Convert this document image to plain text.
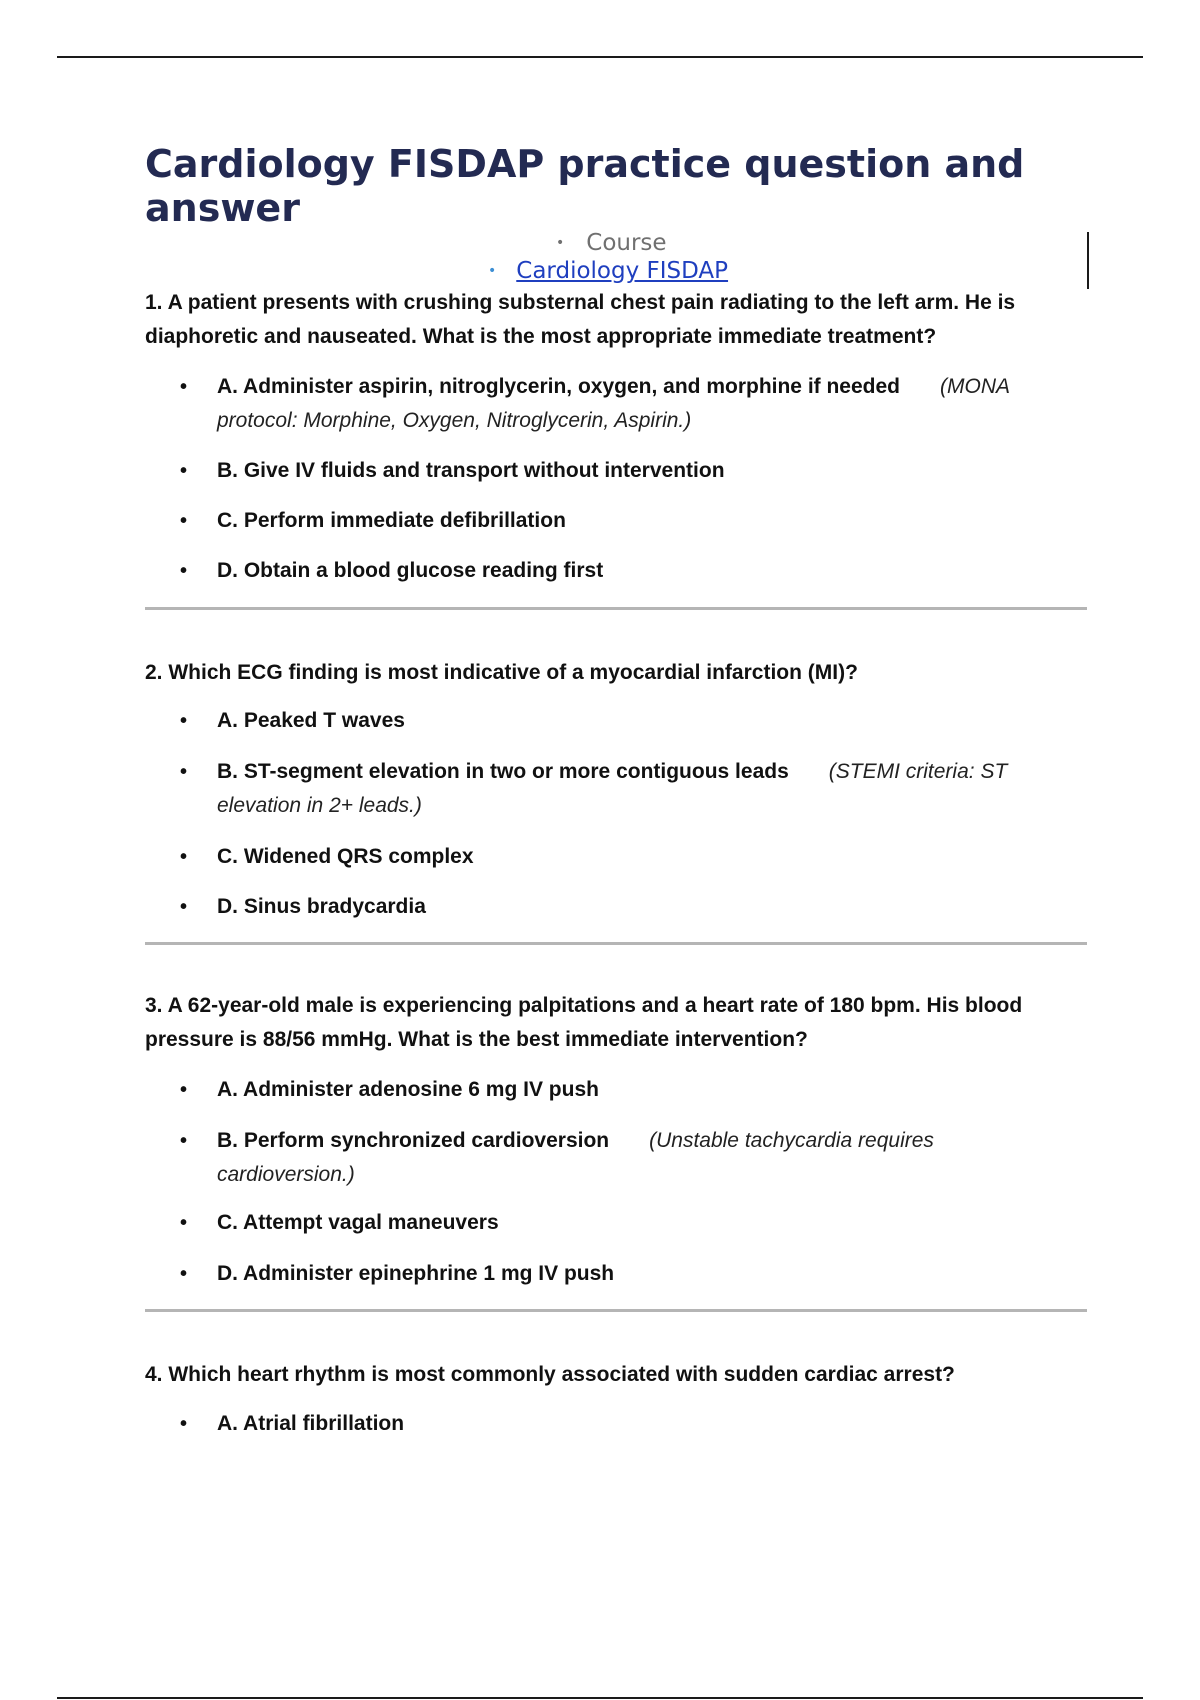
Cardiology FISDAP practice question and answer
• Course
• Cardiology FISDAP

1. A patient presents with crushing substernal chest pain radiating to the left arm. He is diaphoretic and nauseated. What is the most appropriate immediate treatment?

• A. Administer aspirin, nitroglycerin, oxygen, and morphine if needed (MONA protocol: Morphine, Oxygen, Nitroglycerin, Aspirin.)
• B. Give IV fluids and transport without intervention
• C. Perform immediate defibrillation
• D. Obtain a blood glucose reading first

2. Which ECG finding is most indicative of a myocardial infarction (MI)?

• A. Peaked T waves
• B. ST-segment elevation in two or more contiguous leads (STEMI criteria: ST elevation in 2+ leads.)
• C. Widened QRS complex
• D. Sinus bradycardia

3. A 62-year-old male is experiencing palpitations and a heart rate of 180 bpm. His blood pressure is 88/56 mmHg. What is the best immediate intervention?

• A. Administer adenosine 6 mg IV push
• B. Perform synchronized cardioversion (Unstable tachycardia requires cardioversion.)
• C. Attempt vagal maneuvers
• D. Administer epinephrine 1 mg IV push

4. Which heart rhythm is most commonly associated with sudden cardiac arrest?

• A. Atrial fibrillation
